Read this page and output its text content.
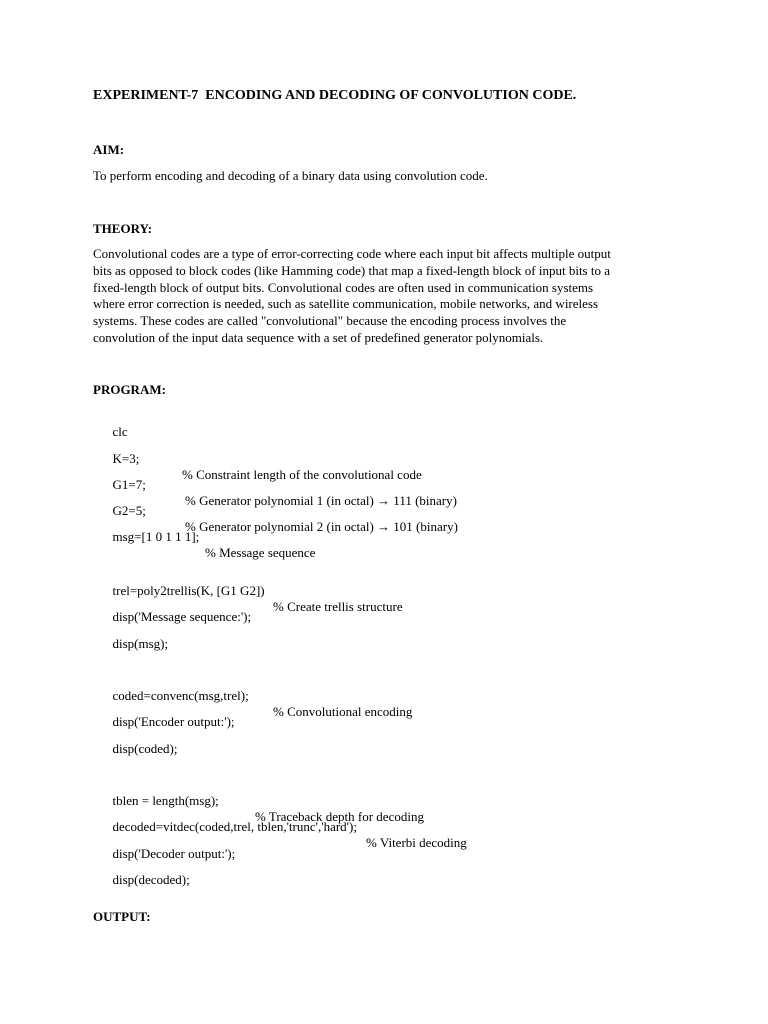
EXPERIMENT-7  ENCODING AND DECODING OF CONVOLUTION CODE.
AIM:
To perform encoding and decoding of a binary data using convolution code.
THEORY:
Convolutional codes are a type of error-correcting code where each input bit affects multiple output
bits as opposed to block codes (like Hamming code) that map a fixed-length block of input bits to a
fixed-length block of output bits. Convolutional codes are often used in communication systems
where error correction is needed, such as satellite communication, mobile networks, and wireless
systems. These codes are called "convolutional" because the encoding process involves the
convolution of the input data sequence with a set of predefined generator polynomials.
PROGRAM:

clc

K=3;

% Constraint length of the convolutional code

G1=7;

% Generator polynomial 1 (in octal) → 111 (binary)

G2=5;

% Generator polynomial 2 (in octal) → 101 (binary)

msg=[1 0 1 1 1];

% Message sequence

trel=poly2trellis(K, [G1 G2])

% Create trellis structure

disp('Message sequence:');

disp(msg);

coded=convenc(msg,trel);

% Convolutional encoding

disp('Encoder output:');

disp(coded);

tblen = length(msg);

% Traceback depth for decoding

decoded=vitdec(coded,trel, tblen,'trunc','hard');

% Viterbi decoding

disp('Decoder output:');

disp(decoded);

OUTPUT:
